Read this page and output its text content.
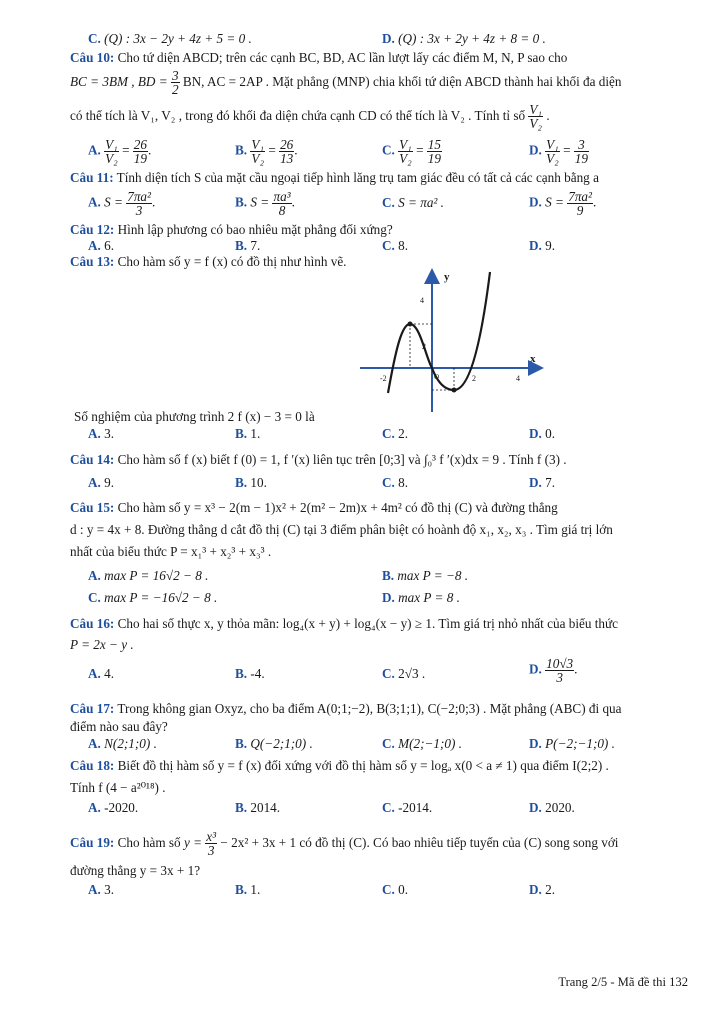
C. (Q) : 3x − 2y + 4z + 5 = 0 .	D. (Q) : 3x + 2y + 4z + 8 = 0 .
Câu 10: Cho tứ diện ABCD; trên các cạnh BC, BD, AC lần lượt lấy các điểm M, N, P sao cho
BC = 3BM , BD = $\frac{3}{2}$ BN, AC = 2AP . Mặt phẳng (MNP) chia khối tứ diện ABCD thành hai khối đa diện
có thể tích là V₁, V₂ , trong đó khối đa diện chứa cạnh CD có thể tích là V₂ . Tính tỉ số $\frac{\text{V₁}}{\text{V₂}}$ .
A. $\frac{\text{V₁}}{\text{V₂}} = \frac{26}{19}$ .	B. $\frac{\text{V₁}}{\text{V₂}} = \frac{26}{13}$ .	C. $\frac{\text{V₁}}{\text{V₂}} = \frac{15}{19}$	D. $\frac{\text{V₁}}{\text{V₂}} = \frac{3}{19}$
Câu 11: Tính diện tích S của mặt cầu ngoại tiếp hình lăng trụ tam giác đều có tất cả các cạnh bằng a
A. $S = \frac{\text{7πa²}}{3}$ .	B. $S = \frac{\text{πa³}}{8}$ .	C. S = πa² .	D. $S = \frac{\text{7πa²}}{9}$ .
Câu 12: Hình lập phương có bao nhiêu mặt phẳng đối xứng?
A. 6.	B. 7.	C. 8.	D. 9.
Câu 13: Cho hàm số y = f (x) có đồ thị như hình vẽ.
y
x
-2	2	4
4
2
O
Số nghiệm của phương trình 2 f (x) − 3 = 0 là
A. 3.	B. 1.	C. 2.	D. 0.
Câu 14: Cho hàm số f (x) biết f (0) = 1, f ′(x) liên tục trên [0;3] và ∫₀³ f ′(x)dx = 9 . Tính f (3) .
A. 9.	B. 10.	C. 8.	D. 7.
Câu 15: Cho hàm số y = x³ − 2(m − 1)x² + 2(m² − 2m)x + 4m² có đồ thị (C) và đường thẳng
d : y = 4x + 8. Đường thẳng d cắt đồ thị (C) tại 3 điểm phân biệt có hoành độ x₁, x₂, x₃ . Tìm giá trị lớn
nhất của biểu thức P = x₁³ + x₂³ + x₃³ .
A. max P = 16√2 − 8 .	B. max P = −8 .
C. max P = −16√2 − 8 .	D. max P = 8 .
Câu 16: Cho hai số thực x, y thỏa mãn: log₄(x + y) + log₄(x − y) ≥ 1. Tìm giá trị nhỏ nhất của biểu thức
P = 2x − y .
A. 4.	B. -4.	C. 2√3 .	D. $\frac{10√3}{3}$ .
Câu 17: Trong không gian Oxyz, cho ba điểm A(0;1;−2), B(3;1;1), C(−2;0;3) . Mặt phẳng (ABC) đi qua
điểm nào sau đây?
A. N(2;1;0) .	B. Q(−2;1;0) .	C. M(2;−1;0) .	D. P(−2;−1;0) .
Câu 18: Biết đồ thị hàm số y = f (x) đối xứng với đồ thị hàm số y = logₐ x(0 < a ≠ 1) qua điểm I(2;2) .
Tính f (4 − a²⁰¹⁸) .
A. -2020.	B. 2014.	C. -2014.	D. 2020.
Câu 19: Cho hàm số $y = \frac{\text{x³}}{3} - 2x^2 + 3x + 1$ có đồ thị (C). Có bao nhiêu tiếp tuyến của (C) song song với
đường thẳng y = 3x + 1?
A. 3.	B. 1.	C. 0.	D. 2.
Trang 2/5 - Mã đề thi 132
